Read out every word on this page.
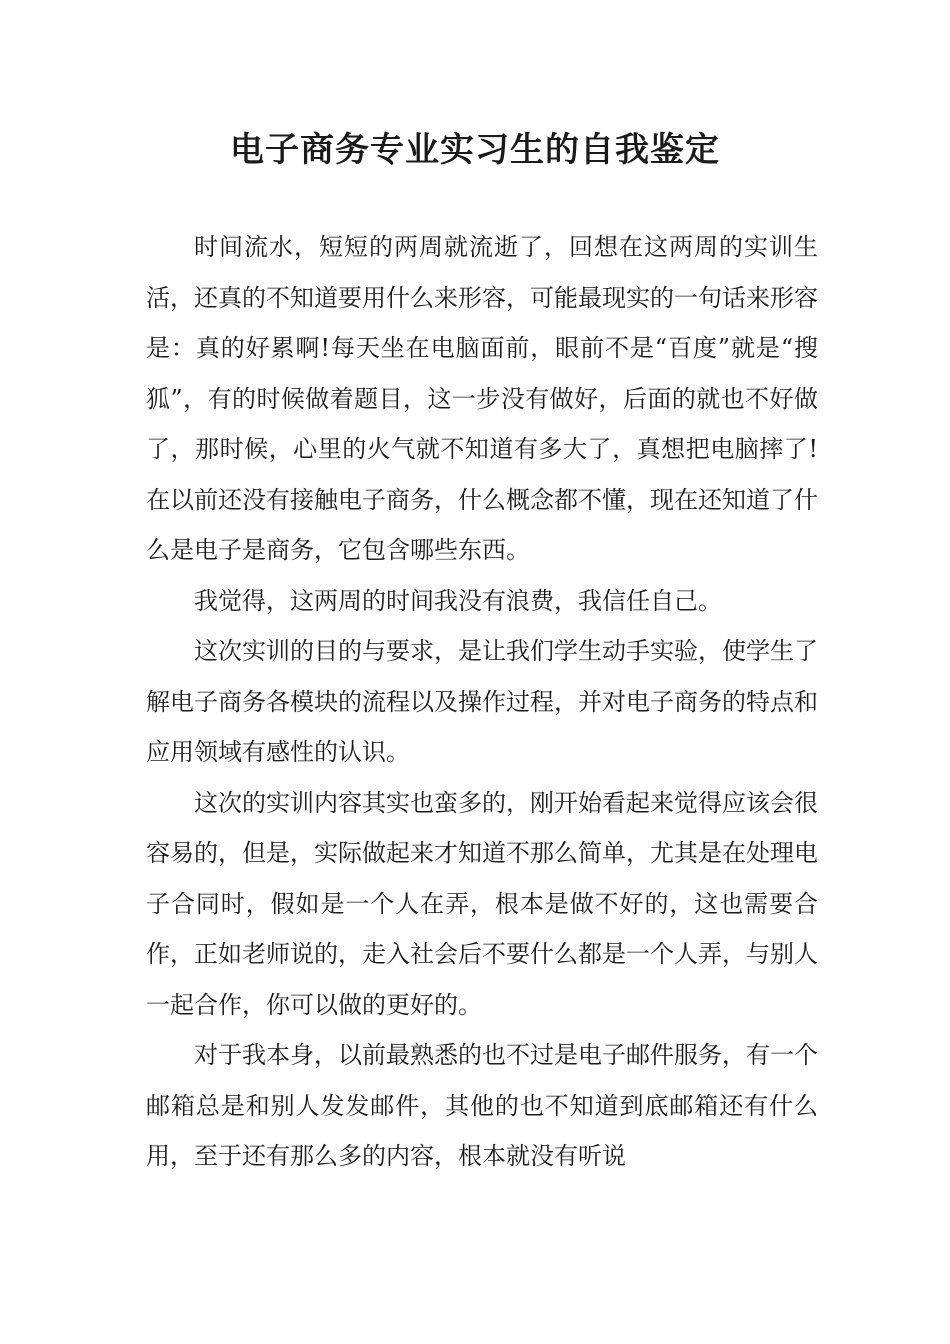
电子商务专业实习生的自我鉴定

时间流水，短短的两周就流逝了，回想在这两周的实训生活，还真的不知道要用什么来形容，可能最现实的一句话来形容是：真的好累啊!每天坐在电脑面前，眼前不是“百度”就是“搜狐”，有的时候做着题目，这一步没有做好，后面的就也不好做了，那时候，心里的火气就不知道有多大了，真想把电脑摔了!在以前还没有接触电子商务，什么概念都不懂，现在还知道了什么是电子是商务，它包含哪些东西。

我觉得，这两周的时间我没有浪费，我信任自己。

这次实训的目的与要求，是让我们学生动手实验，使学生了解电子商务各模块的流程以及操作过程，并对电子商务的特点和应用领域有感性的认识。

这次的实训内容其实也蛮多的，刚开始看起来觉得应该会很容易的，但是，实际做起来才知道不那么简单，尤其是在处理电子合同时，假如是一个人在弄，根本是做不好的，这也需要合作，正如老师说的，走入社会后不要什么都是一个人弄，与别人一起合作，你可以做的更好的。

对于我本身，以前最熟悉的也不过是电子邮件服务，有一个邮箱总是和别人发发邮件，其他的也不知道到底邮箱还有什么用，至于还有那么多的内容，根本就没有听说
